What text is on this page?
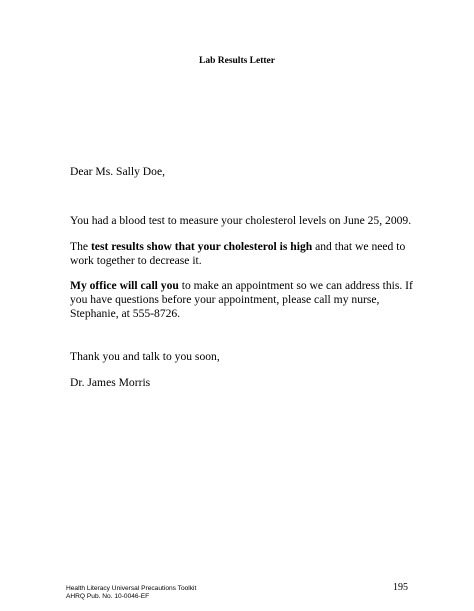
Lab Results Letter
Dear Ms. Sally Doe,
You had a blood test to measure your cholesterol levels on June 25, 2009.
The test results show that your cholesterol is high and that we need to work together to decrease it.
My office will call you to make an appointment so we can address this. If you have questions before your appointment, please call my nurse, Stephanie, at 555-8726.
Thank you and talk to you soon,
Dr. James Morris
Health Literacy Universal Precautions Toolkit
AHRQ Pub. No. 10-0046-EF
195
